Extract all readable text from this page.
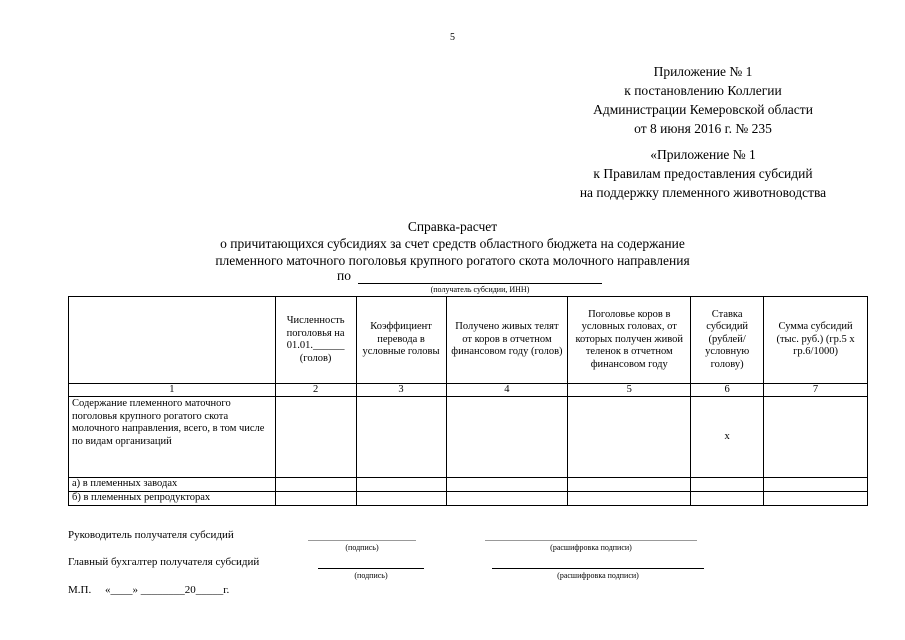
5
Приложение № 1
к постановлению Коллегии
Администрации Кемеровской области
от 8 июня 2016 г. № 235
«Приложение № 1
к Правилам предоставления субсидий
на поддержку племенного животноводства
Справка-расчет
о причитающихся субсидиях за счет средств областного бюджета на содержание
племенного маточного поголовья крупного рогатого скота молочного направления
по
(получатель субсидии, ИНН)
	Численность поголовья на 01.01.______ (голов)	Коэффициент перевода в условные головы	Получено живых телят от коров в отчетном финансовом году (голов)	Поголовье коров в условных головах, от которых получен живой теленок в отчетном финансовом году	Ставка субсидий (рублей/ условную голову)	Сумма субсидий (тыс. руб.) (гр.5 х гр.6/1000)
1	2	3	4	5	6	7
Содержание племенного маточного поголовья крупного рогатого скота молочного направления, всего, в том числе по видам организаций					х	
а) в племенных заводах						
б) в племенных репродукторах						
Руководитель получателя субсидий
(подпись)	(расшифровка подписи)
Главный бухгалтер получателя субсидий
(подпись)	(расшифровка подписи)
М.П.     «____» ________20_____г.
